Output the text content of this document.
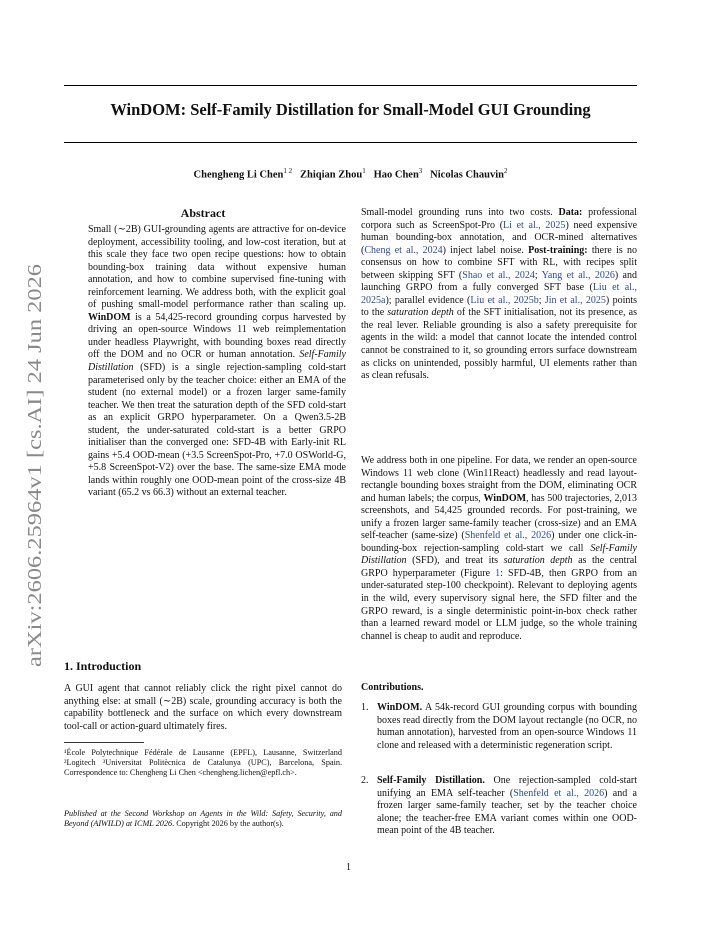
WinDOM: Self-Family Distillation for Small-Model GUI Grounding
Chengheng Li Chen$^{1 2}$ Zhiqian Zhou$^1$ Hao Chen$^3$ Nicolas Chauvin$^2$
arXiv:2606.25964v1 [cs.AI] 24 Jun 2026
Abstract

Small (∼2B) GUI-grounding agents are attractive for on-device deployment, accessibility tooling, and low-cost iteration, but at this scale they face two open recipe questions: how to obtain bounding-box training data without expensive human annotation, and how to combine supervised fine-tuning with reinforcement learning. We address both, with the explicit goal of pushing small-model performance rather than scaling up. WinDOM is a 54,425-record grounding corpus harvested by driving an open-source Windows 11 web reimplementation under headless Playwright, with bounding boxes read directly off the DOM and no OCR or human annotation. Self-Family Distillation (SFD) is a single rejection-sampling cold-start parameterised only by the teacher choice: either an EMA of the student (no external model) or a frozen larger same-family teacher. We then treat the saturation depth of the SFD cold-start as an explicit GRPO hyperparameter. On a Qwen3.5-2B student, the under-saturated cold-start is a better GRPO initialiser than the converged one: SFD-4B with Early-init RL gains +5.4 OOD-mean (+3.5 ScreenSpot-Pro, +7.0 OSWorld-G, +5.8 ScreenSpot-V2) over the base. The same-size EMA mode lands within roughly one OOD-mean point of the cross-size 4B variant (65.2 vs 66.3) without an external teacher.

1. Introduction

A GUI agent that cannot reliably click the right pixel cannot do anything else: at small (∼2B) scale, grounding accuracy is both the capability bottleneck and the surface on which every downstream tool-call or action-guard ultimately fires.

¹École Polytechnique Fédérale de Lausanne (EPFL), Lausanne, Switzerland ²Logitech ³Universitat Politècnica de Catalunya (UPC), Barcelona, Spain. Correspondence to: Chengheng Li Chen <chengheng.lichen@epfl.ch>.
Published at the Second Workshop on Agents in the Wild: Safety, Security, and Beyond (AIWILD) at ICML 2026. Copyright 2026 by the author(s).

Small-model grounding runs into two costs. Data: professional corpora such as ScreenSpot-Pro (Li et al., 2025) need expensive human bounding-box annotation, and OCR-mined alternatives (Cheng et al., 2024) inject label noise. Post-training: there is no consensus on how to combine SFT with RL, with recipes split between skipping SFT (Shao et al., 2024; Yang et al., 2026) and launching GRPO from a fully converged SFT base (Liu et al., 2025a); parallel evidence (Liu et al., 2025b; Jin et al., 2025) points to the saturation depth of the SFT initialisation, not its presence, as the real lever. Reliable grounding is also a safety prerequisite for agents in the wild: a model that cannot locate the intended control cannot be constrained to it, so grounding errors surface downstream as clicks on unintended, possibly harmful, UI elements rather than as clean refusals.

We address both in one pipeline. For data, we render an open-source Windows 11 web clone (Win11React) headlessly and read layout-rectangle bounding boxes straight from the DOM, eliminating OCR and human labels; the corpus, WinDOM, has 500 trajectories, 2,013 screenshots, and 54,425 grounded records. For post-training, we unify a frozen larger same-family teacher (cross-size) and an EMA self-teacher (same-size) (Shenfeld et al., 2026) under one click-in-bounding-box rejection-sampling cold-start we call Self-Family Distillation (SFD), and treat its saturation depth as the central GRPO hyperparameter (Figure 1: SFD-4B, then GRPO from an under-saturated step-100 checkpoint). Relevant to deploying agents in the wild, every supervisory signal here, the SFD filter and the GRPO reward, is a single deterministic point-in-box check rather than a learned reward model or LLM judge, so the whole training channel is cheap to audit and reproduce.

Contributions.
1. WinDOM. A 54k-record GUI grounding corpus with bounding boxes read directly from the DOM layout rectangle (no OCR, no human annotation), harvested from an open-source Windows 11 clone and released with a deterministic regeneration script.

2. Self-Family Distillation. One rejection-sampled cold-start unifying an EMA self-teacher (Shenfeld et al., 2026) and a frozen larger same-family teacher, set by the teacher choice alone; the teacher-free EMA variant comes within one OOD-mean point of the 4B teacher.

1
